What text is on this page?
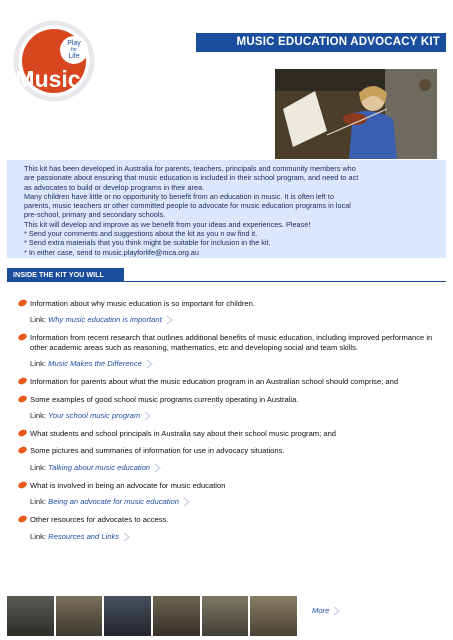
Play
for
Life
Music
MUSIC EDUCATION ADVOCACY KIT

This kit has been developed in Australia for parents, teachers, principals and community members who

are passionate about ensuring that music education is included in their school program, and need to act

as advocates to build or develop programs in their area.

Many children have little or no opportunity to benefit from an education in music. It is often left to

parents, music teachers or other committed people to advocate for music education programs in local

pre-school, primary and secondary schools.

This kit will develop and improve as we benefit from your ideas and experiences. Please!

* Send your comments and suggestions about the kit as you n ow find it.

* Send extra materials that you think might be suitable for inclusion in the kit.

* In either case, send to music.playforlife@mca.org.au

INSIDE THE KIT YOU WILL FIND:
Information about why music education is so important for children.
Link: Why music education is important
Information from recent research that outlines additional benefits of music education, including improved performance in other academic areas such as reasoning, mathematics, etc and developing social and team skills.
Link: Music Makes the Difference
Information for parents about what the music education program in an Australian school should comprise; and
Some examples of good school music programs currently operating in Australia.
Link: Your school music program
What students and school principals in Australia say about their school music program; and
Some pictures and summaries of information for use in advocacy situations.
Link: Talking about music education
What is involved in being an advocate for music education
Link: Being an advocate for music education
Other resources for advocates to access.
Link: Resources and Links
More
